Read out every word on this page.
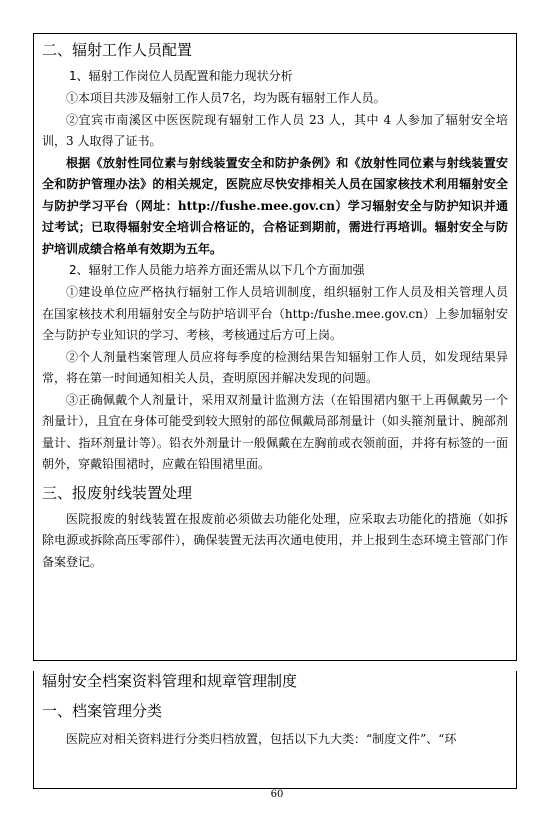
二、辐射工作人员配置

1、辐射工作岗位人员配置和能力现状分析

①本项目共涉及辐射工作人员7名，均为既有辐射工作人员。

②宜宾市南溪区中医医院现有辐射工作人员 23 人，其中 4 人参加了辐射安全培训，3 人取得了证书。

根据《放射性同位素与射线装置安全和防护条例》和《放射性同位素与射线装置安全和防护管理办法》的相关规定，医院应尽快安排相关人员在国家核技术利用辐射安全与防护学习平台（网址：http://fushe.mee.gov.cn）学习辐射安全与防护知识并通过考试；已取得辐射安全培训合格证的，合格证到期前，需进行再培训。辐射安全与防护培训成绩合格单有效期为五年。

2、辐射工作人员能力培养方面还需从以下几个方面加强

①建设单位应严格执行辐射工作人员培训制度，组织辐射工作人员及相关管理人员在国家核技术利用辐射安全与防护培训平台（http:/fushe.mee.gov.cn）上参加辐射安全与防护专业知识的学习、考核，考核通过后方可上岗。

②个人剂量档案管理人员应将每季度的检测结果告知辐射工作人员，如发现结果异常，将在第一时间通知相关人员，查明原因并解决发现的问题。

③正确佩戴个人剂量计，采用双剂量计监测方法（在铅围裙内躯干上再佩戴另一个剂量计），且宜在身体可能受到较大照射的部位佩戴局部剂量计（如头箍剂量计、腕部剂量计、指环剂量计等）。铅衣外剂量计一般佩戴在左胸前或衣领前面，并将有标签的一面朝外，穿戴铅围裙时，应戴在铅围裙里面。

三、报废射线装置处理

医院报废的射线装置在报废前必须做去功能化处理，应采取去功能化的措施（如拆除电源或拆除高压零部件），确保装置无法再次通电使用，并上报到生态环境主管部门作备案登记。

辐射安全档案资料管理和规章管理制度

一、档案管理分类

医院应对相关资料进行分类归档放置，包括以下九大类：“制度文件”、“环

60
